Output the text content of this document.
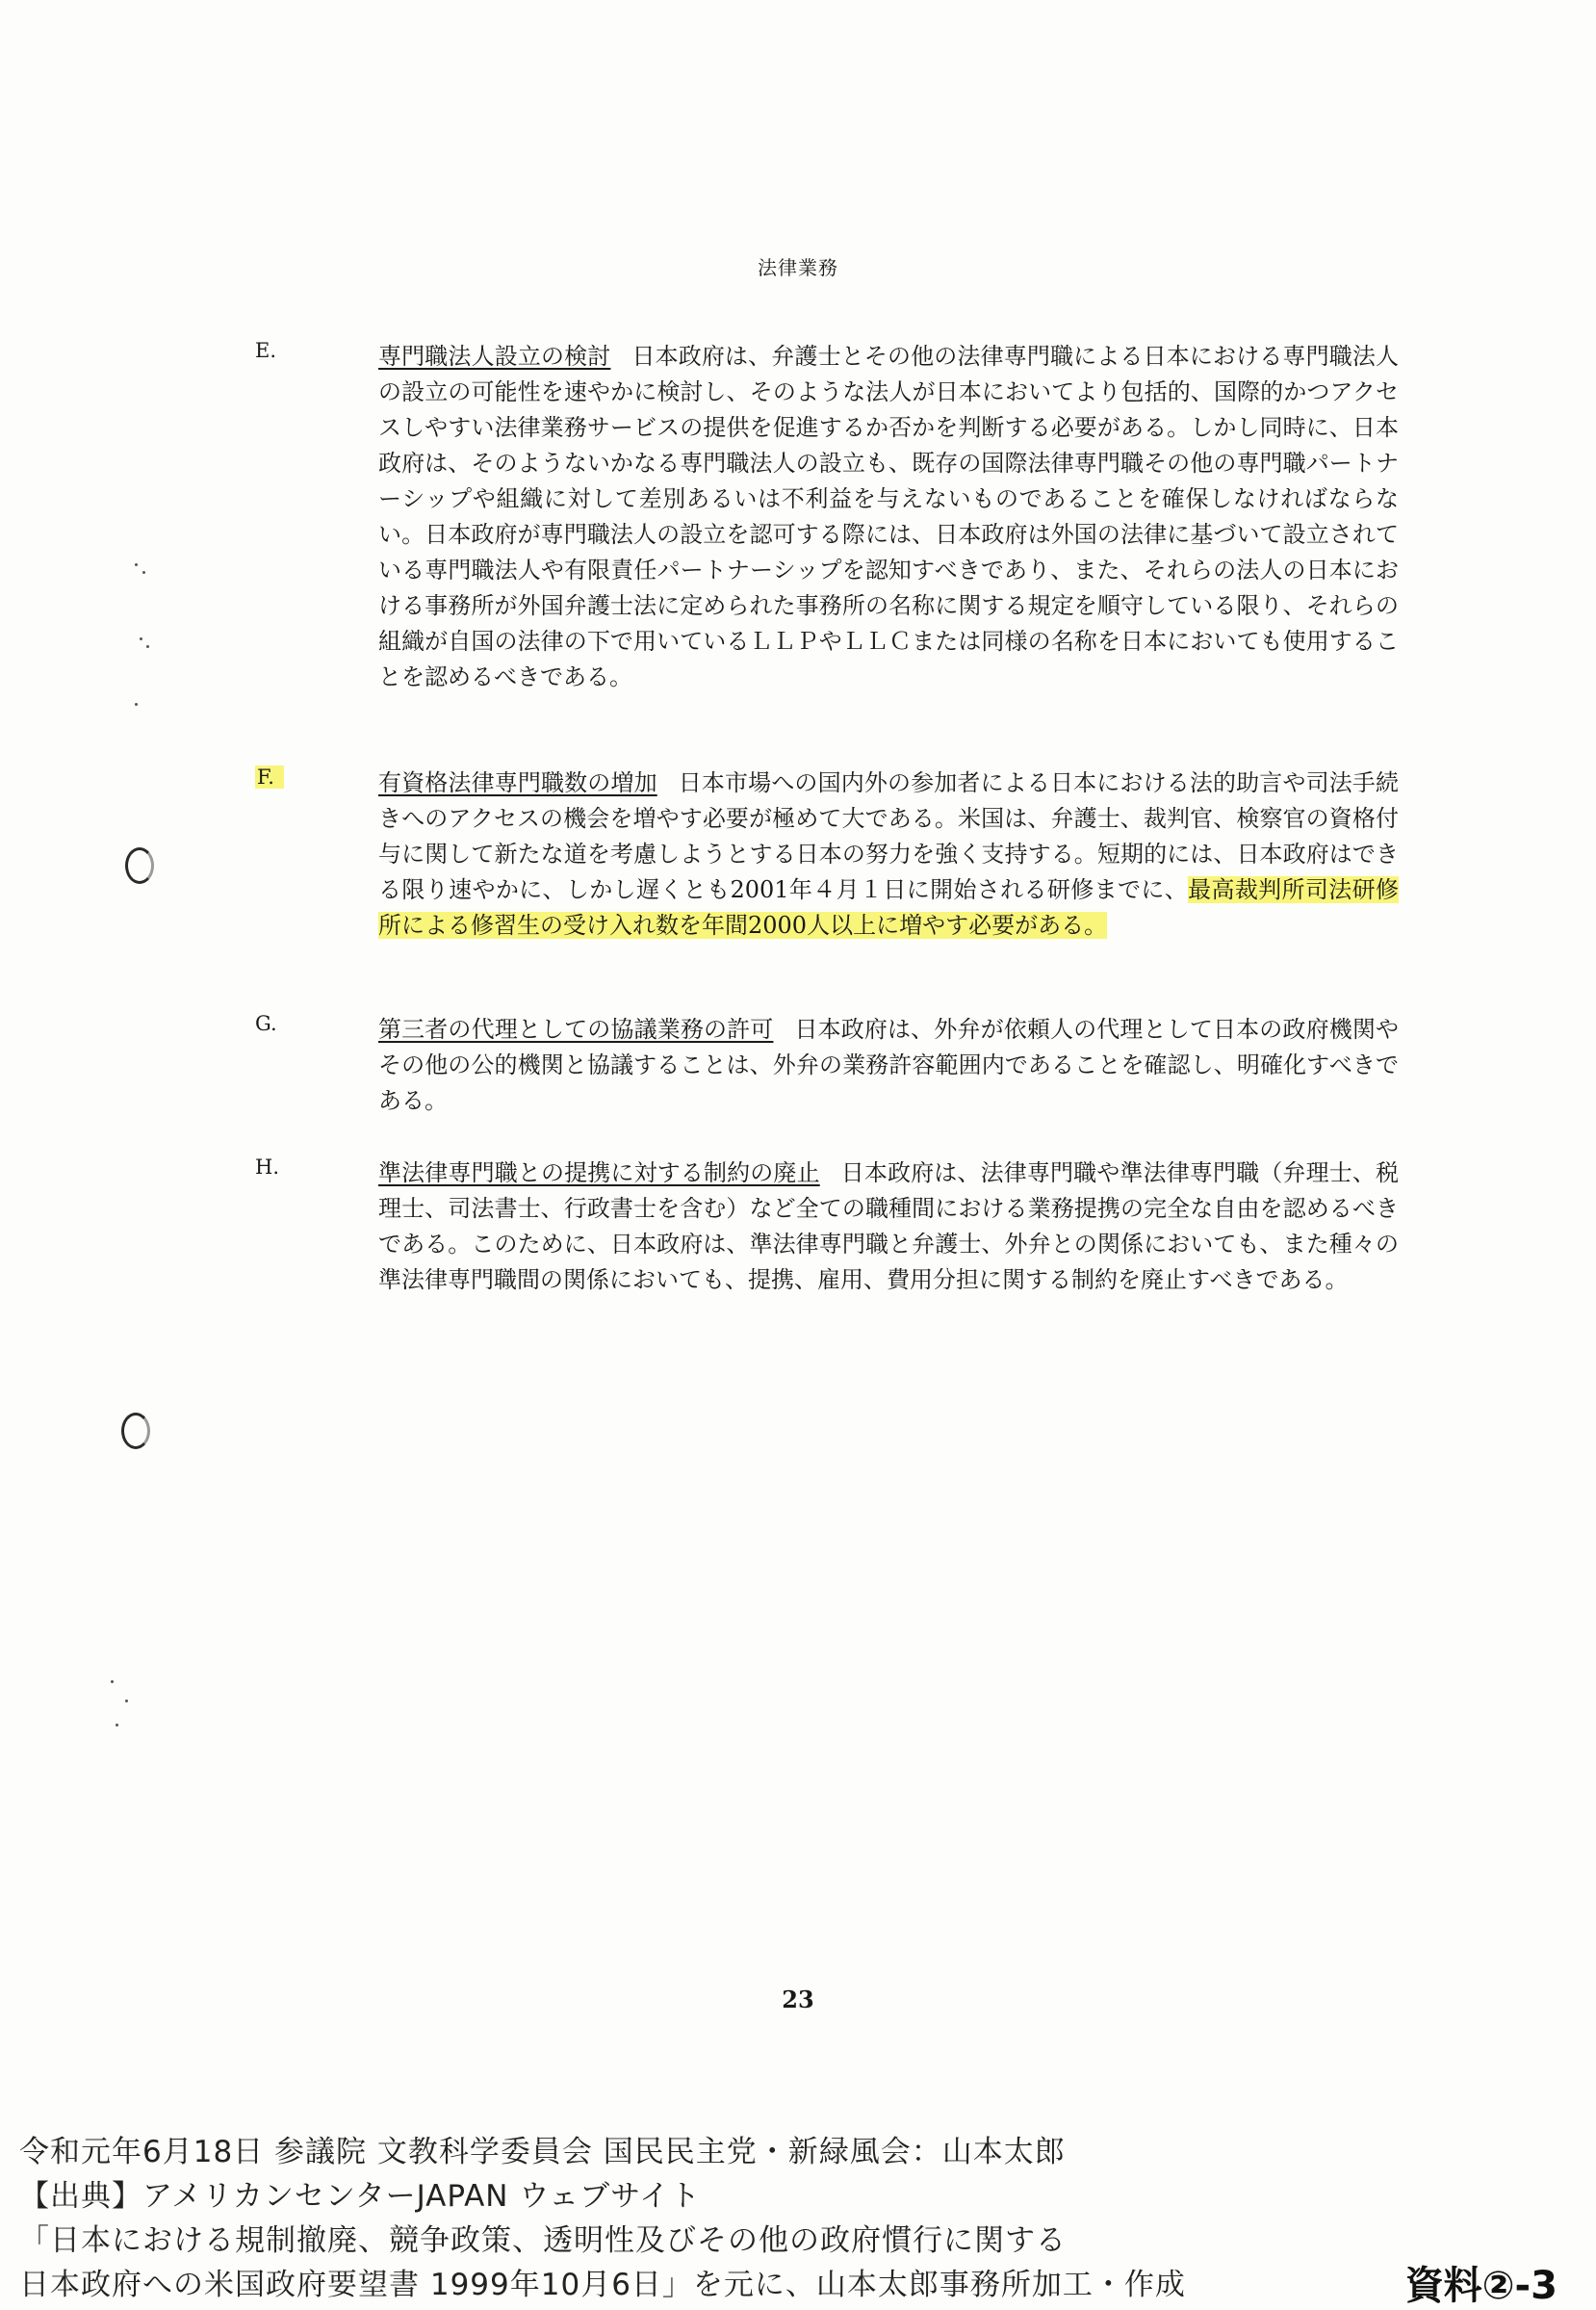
法律業務
E.	専門職法人設立の検討 日本政府は、弁護士とその他の法律専門職による日本における専門職法人の設立の可能性を速やかに検討し、そのような法人が日本においてより包括的、国際的かつアクセスしやすい法律業務サービスの提供を促進するか否かを判断する必要がある。しかし同時に、日本政府は、そのようないかなる専門職法人の設立も、既存の国際法律専門職その他の専門職パートナーシップや組織に対して差別あるいは不利益を与えないものであることを確保しなければならない。日本政府が専門職法人の設立を認可する際には、日本政府は外国の法律に基づいて設立されている専門職法人や有限責任パートナーシップを認知すべきであり、また、それらの法人の日本における事務所が外国弁護士法に定められた事務所の名称に関する規定を順守している限り、それらの組織が自国の法律の下で用いているＬＬＰやＬＬＣまたは同様の名称を日本においても使用することを認めるべきである。
F.	有資格法律専門職数の増加 日本市場への国内外の参加者による日本における法的助言や司法手続きへのアクセスの機会を増やす必要が極めて大である。米国は、弁護士、裁判官、検察官の資格付与に関して新たな道を考慮しようとする日本の努力を強く支持する。短期的には、日本政府はできる限り速やかに、しかし遅くとも2001年４月１日に開始される研修までに、最高裁判所司法研修所による修習生の受け入れ数を年間2000人以上に増やす必要がある。
G.	第三者の代理としての協議業務の許可 日本政府は、外弁が依頼人の代理として日本の政府機関やその他の公的機関と協議することは、外弁の業務許容範囲内であることを確認し、明確化すべきである。
H.	準法律専門職との提携に対する制約の廃止 日本政府は、法律専門職や準法律専門職（弁理士、税理士、司法書士、行政書士を含む）など全ての職種間における業務提携の完全な自由を認めるべきである。このために、日本政府は、準法律専門職と弁護士、外弁との関係においても、また種々の準法律専門職間の関係においても、提携、雇用、費用分担に関する制約を廃止すべきである。
23
令和元年6月18日 参議院 文教科学委員会 国民民主党・新緑風会：山本太郎
【出典】アメリカンセンターJAPAN ウェブサイト
「日本における規制撤廃、競争政策、透明性及びその他の政府慣行に関する
日本政府への米国政府要望書 1999年10月6日」を元に、山本太郎事務所加工・作成	資料②-3
